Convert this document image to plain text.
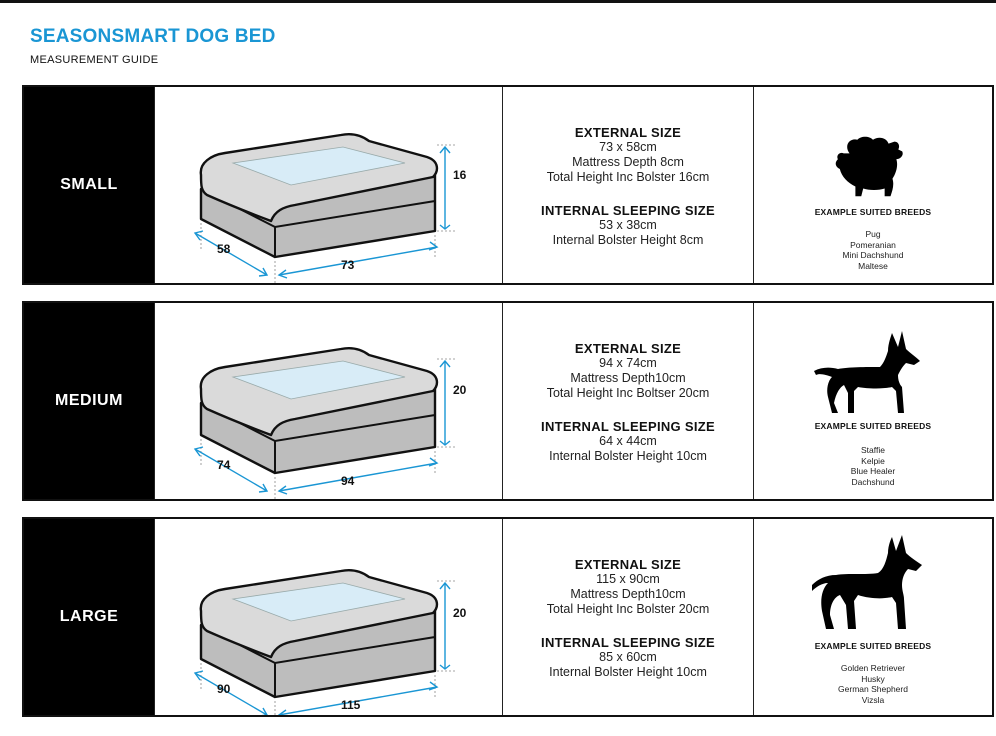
SEASONSMART DOG BED
MEASUREMENT GUIDE
SMALL
58
73
16
EXTERNAL SIZE
73 x 58cm
Mattress Depth 8cm
Total Height Inc Bolster 16cm
INTERNAL SLEEPING SIZE
53 x 38cm
Internal Bolster Height 8cm
EXAMPLE SUITED BREEDS
Pug
Pomeranian
Mini Dachshund
Maltese
MEDIUM
74
94
20
EXTERNAL SIZE
94 x 74cm
Mattress Depth10cm
Total Height Inc Boltser 20cm
INTERNAL SLEEPING SIZE
64 x 44cm
Internal Bolster Height 10cm
EXAMPLE SUITED BREEDS
Staffie
Kelpie
Blue Healer
Dachshund
LARGE
90
115
20
EXTERNAL SIZE
115 x 90cm
Mattress Depth10cm
Total Height Inc Bolster 20cm
INTERNAL SLEEPING SIZE
85 x 60cm
Internal Bolster Height 10cm
EXAMPLE SUITED BREEDS
Golden Retriever
Husky
German Shepherd
Vizsla
